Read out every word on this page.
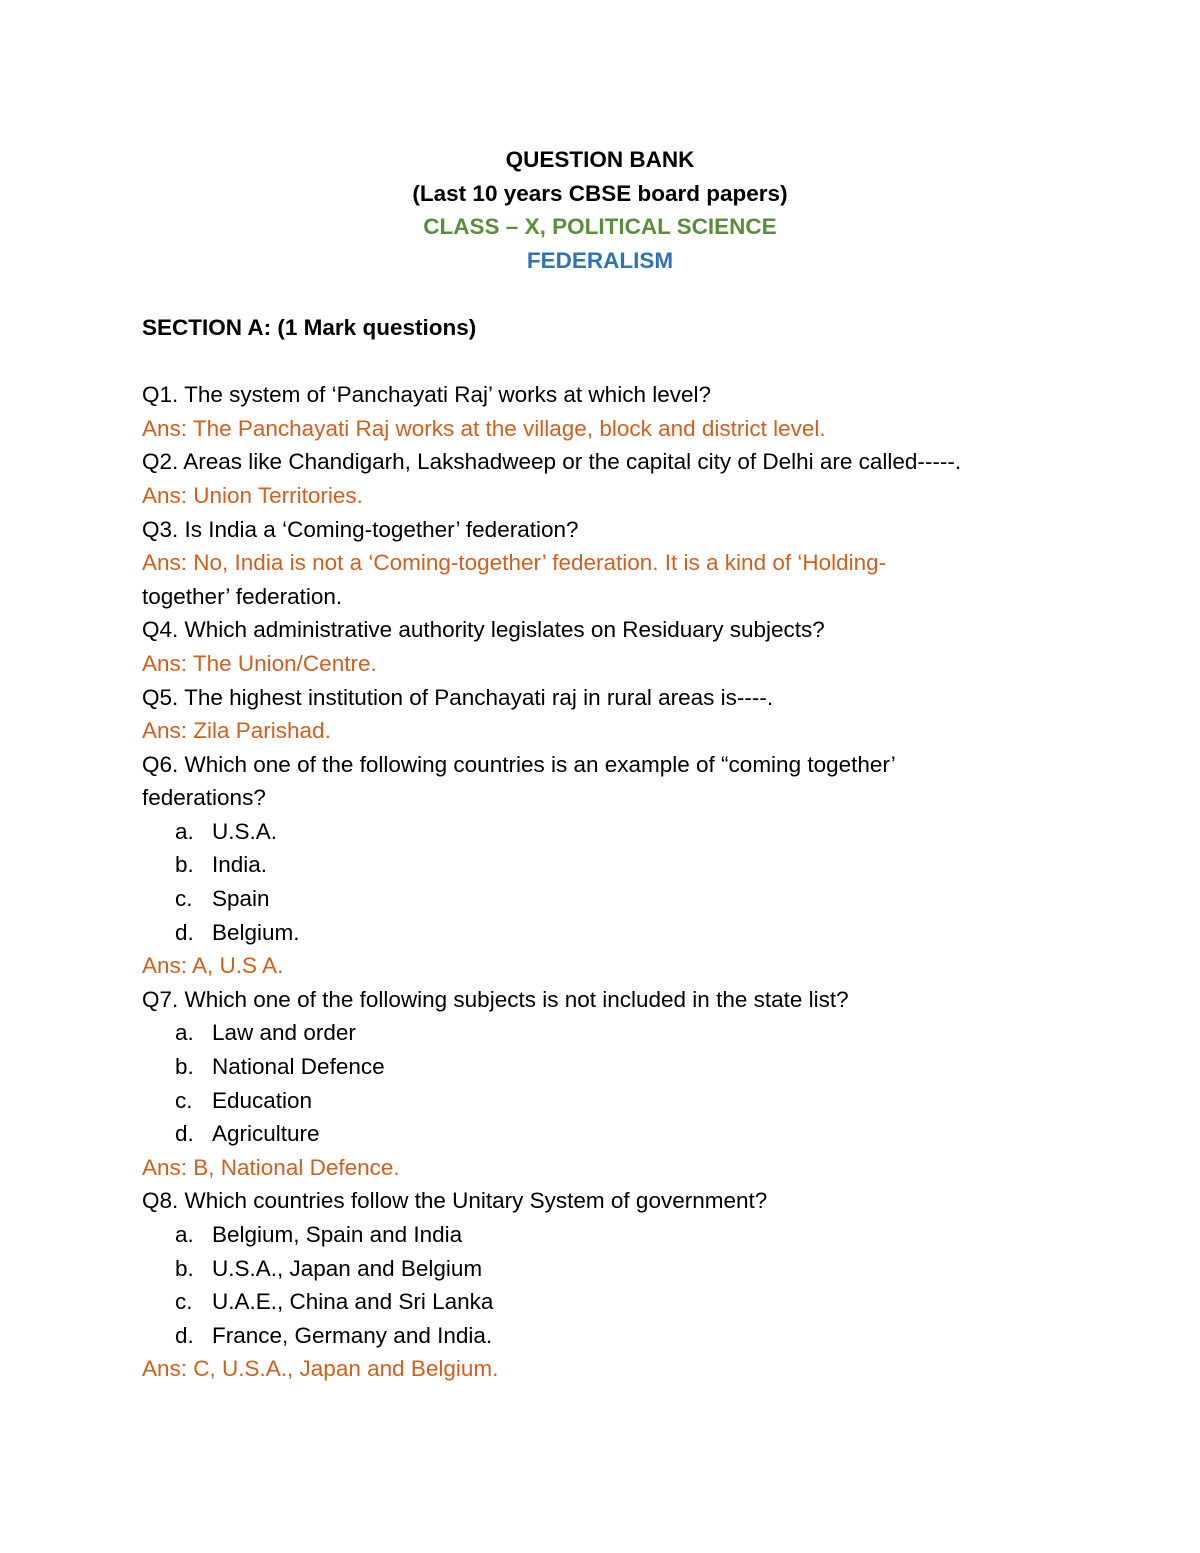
QUESTION BANK

(Last 10 years CBSE board papers)

CLASS – X, POLITICAL SCIENCE

FEDERALISM

SECTION A: (1 Mark questions)

Q1. The system of ‘Panchayati Raj’ works at which level?

Ans: The Panchayati Raj works at the village, block and district level.

Q2. Areas like Chandigarh, Lakshadweep or the capital city of Delhi are called-----.

Ans: Union Territories.

Q3. Is India a ‘Coming-together’ federation?

Ans: No, India is not a ‘Coming-together’ federation. It is a kind of ‘Holding-

together’ federation.

Q4. Which administrative authority legislates on Residuary subjects?

Ans: The Union/Centre.

Q5. The highest institution of Panchayati raj in rural areas is----.

Ans: Zila Parishad.

Q6. Which one of the following countries is an example of “coming together’

federations?

a. U.S.A.

b. India.

c. Spain

d. Belgium.

Ans: A, U.S A.

Q7. Which one of the following subjects is not included in the state list?

a. Law and order

b. National Defence

c. Education

d. Agriculture

Ans: B, National Defence.

Q8. Which countries follow the Unitary System of government?

a. Belgium, Spain and India

b. U.S.A., Japan and Belgium

c. U.A.E., China and Sri Lanka

d. France, Germany and India.

Ans: C, U.S.A., Japan and Belgium.
